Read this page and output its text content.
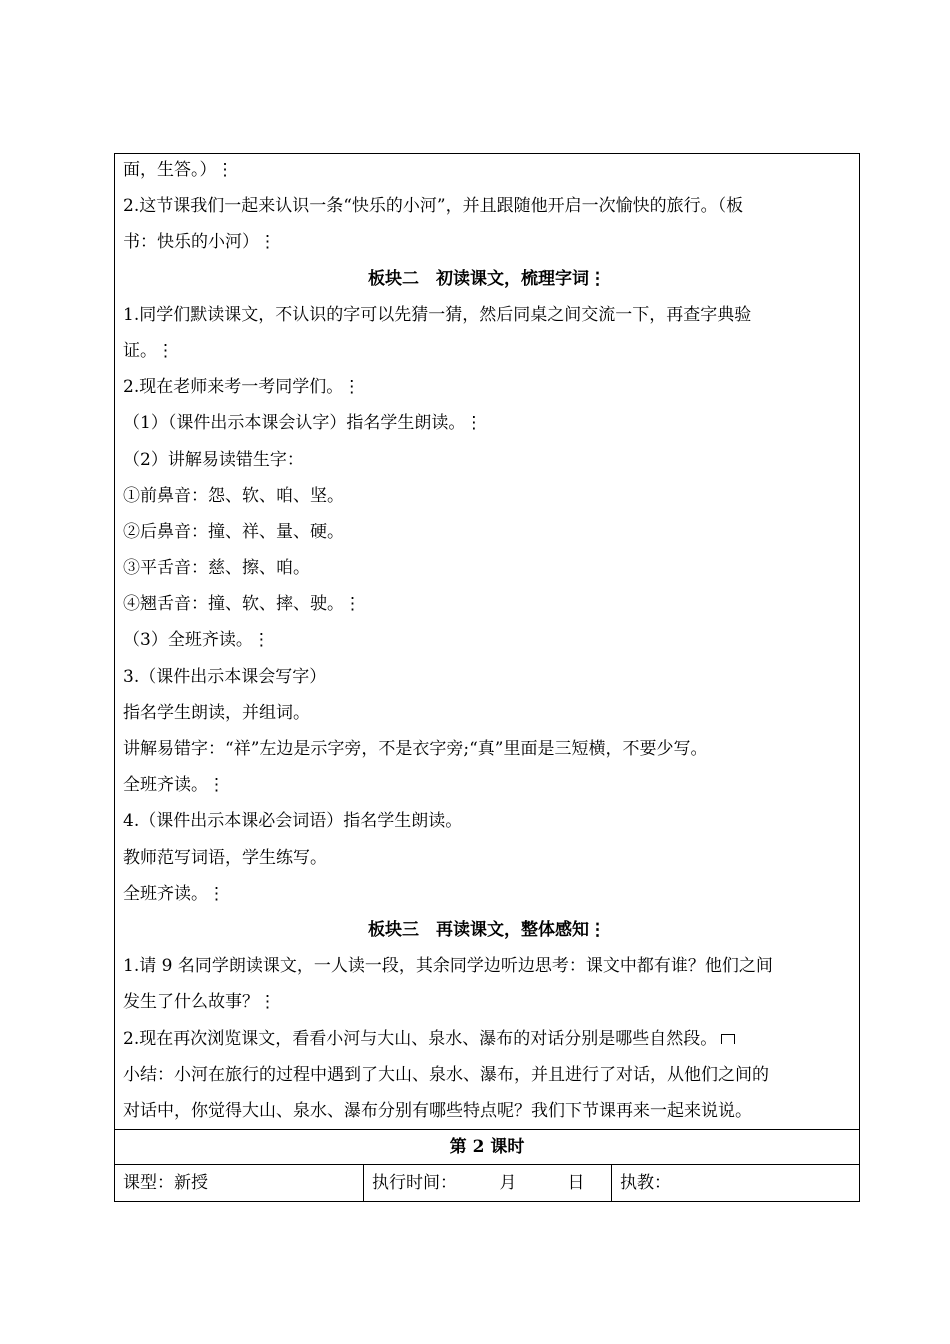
面，生答。）⋮
2.这节课我们一起来认识一条“快乐的小河”，并且跟随他开启一次愉快的旅行。（板
书：快乐的小河）⋮
板块二　初读课文，梳理字词⋮
1.同学们默读课文，不认识的字可以先猜一猜，然后同桌之间交流一下，再查字典验
证。⋮
2.现在老师来考一考同学们。⋮
（1）（课件出示本课会认字）指名学生朗读。⋮
（2）讲解易读错生字：
①前鼻音：怨、软、咱、坚。
②后鼻音：撞、祥、量、硬。
③平舌音：慈、擦、咱。
④翘舌音：撞、软、摔、驶。⋮
（3）全班齐读。⋮
3.（课件出示本课会写字）
指名学生朗读，并组词。
讲解易错字：“祥”左边是示字旁，不是衣字旁;“真”里面是三短横，不要少写。
全班齐读。⋮
4.（课件出示本课必会词语）指名学生朗读。
教师范写词语，学生练写。
全班齐读。⋮
板块三　再读课文，整体感知⋮
1.请 9 名同学朗读课文，一人读一段，其余同学边听边思考：课文中都有谁？他们之间
发生了什么故事？⋮
2.现在再次浏览课文，看看小河与大山、泉水、瀑布的对话分别是哪些自然段。
小结：小河在旅行的过程中遇到了大山、泉水、瀑布，并且进行了对话，从他们之间的
对话中，你觉得大山、泉水、瀑布分别有哪些特点呢？我们下节课再来一起来说说。
第 2 课时
课型：新授	执行时间：　　　月　　　日	执教：
